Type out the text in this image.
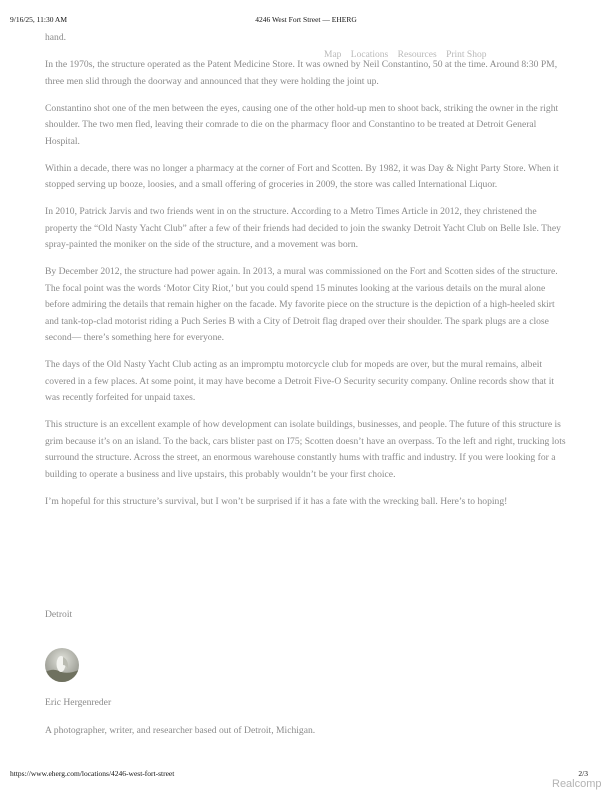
9/16/25, 11:30 AM	4246 West Fort Street — EHERG

hand.

In the 1970s, the structure operated as the Patent Medicine Store. It was owned by Neil Constantino, 50 at the time. Around 8:30 PM, three men slid through the doorway and announced that they were holding the joint up.

Constantino shot one of the men between the eyes, causing one of the other hold-up men to shoot back, striking the owner in the right shoulder. The two men fled, leaving their comrade to die on the pharmacy floor and Constantino to be treated at Detroit General Hospital.

Within a decade, there was no longer a pharmacy at the corner of Fort and Scotten. By 1982, it was Day & Night Party Store. When it stopped serving up booze, loosies, and a small offering of groceries in 2009, the store was called International Liquor.

In 2010, Patrick Jarvis and two friends went in on the structure. According to a Metro Times Article in 2012, they christened the property the “Old Nasty Yacht Club” after a few of their friends had decided to join the swanky Detroit Yacht Club on Belle Isle. They spray-painted the moniker on the side of the structure, and a movement was born.

By December 2012, the structure had power again. In 2013, a mural was commissioned on the Fort and Scotten sides of the structure. The focal point was the words ‘Motor City Riot,’ but you could spend 15 minutes looking at the various details on the mural alone before admiring the details that remain higher on the facade. My favorite piece on the structure is the depiction of a high-heeled skirt and tank-top-clad motorist riding a Puch Series B with a City of Detroit flag draped over their shoulder. The spark plugs are a close second— there’s something here for everyone.

The days of the Old Nasty Yacht Club acting as an impromptu motorcycle club for mopeds are over, but the mural remains, albeit covered in a few places. At some point, it may have become a Detroit Five-O Security security company. Online records show that it was recently forfeited for unpaid taxes.

This structure is an excellent example of how development can isolate buildings, businesses, and people. The future of this structure is grim because it’s on an island. To the back, cars blister past on I75; Scotten doesn’t have an overpass. To the left and right, trucking lots surround the structure. Across the street, an enormous warehouse constantly hums with traffic and industry. If you were looking for a building to operate a business and live upstairs, this probably wouldn’t be your first choice.

I’m hopeful for this structure’s survival, but I won’t be surprised if it has a fate with the wrecking ball. Here’s to hoping!

Map Locations Resources Print Shop
Detroit
Eric Hergenreder
A photographer, writer, and researcher based out of Detroit, Michigan.
https://www.eherg.com/locations/4246-west-fort-street	2/3
Realcomp
